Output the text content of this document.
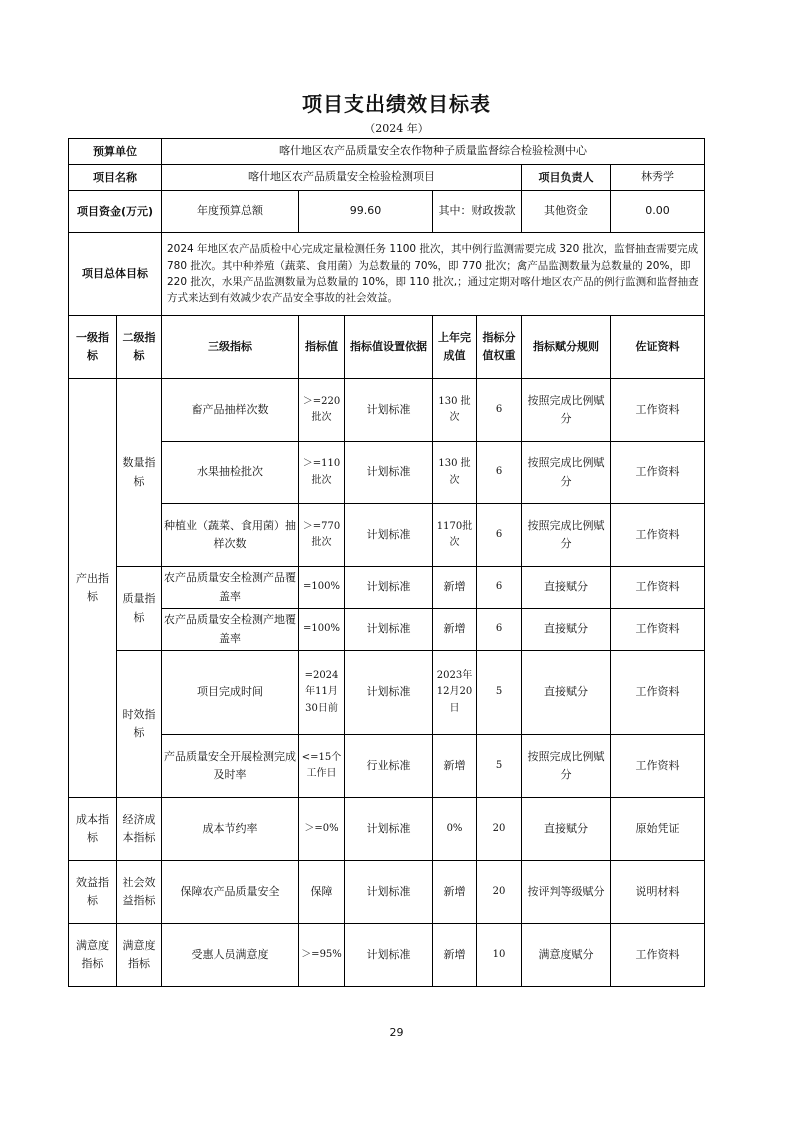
项目支出绩效目标表
（2024 年）
预算单位		喀什地区农产品质量安全农作物种子质量监督综合检验检测中心						
项目名称		喀什地区农产品质量安全检验检测项目					项目负责人	林秀学
项目资金(万元)		年度预算总额	99.60		其中：财政拨款		其他资金	0.00
项目总体目标		2024 年地区农产品质检中心完成定量检测任务 1100 批次，其中例行监测需要完成 320 批次，监督抽查需要完成 780 批次。其中种养殖（蔬菜、食用菌）为总数量的 70%，即 770 批次；禽产品监测数量为总数量的 20%，即 220 批次，水果产品监测数量为总数量的 10%，即 110 批次,；通过定期对喀什地区农产品的例行监测和监督抽查方式来达到有效减少农产品安全事故的社会效益。						
一级指标	二级指标	三级指标	指标值	指标值设置依据	上年完成值	指标分值权重	指标赋分规则	佐证资料
产出指标	数量指标	畜产品抽样次数	＞=220批次	计划标准	130 批次	6	按照完成比例赋分	工作资料
		水果抽检批次	＞=110批次	计划标准	130 批次	6	按照完成比例赋分	工作资料
		种植业（蔬菜、食用菌）抽样次数	＞=770批次	计划标准	1170批次	6	按照完成比例赋分	工作资料
	质量指标	农产品质量安全检测产品覆盖率	=100%	计划标准	新增	6	直接赋分	工作资料
		农产品质量安全检测产地覆盖率	=100%	计划标准	新增	6	直接赋分	工作资料
	时效指标	项目完成时间	=2024年11月30日前	计划标准	2023年12月20日	5	直接赋分	工作资料
		产品质量安全开展检测完成及时率	<=15个工作日	行业标准	新增	5	按照完成比例赋分	工作资料
成本指标	经济成本指标	成本节约率	＞=0%	计划标准	0%	20	直接赋分	原始凭证
效益指标	社会效益指标	保障农产品质量安全	保障	计划标准	新增	20	按评判等级赋分	说明材料
满意度指标	满意度指标	受惠人员满意度	＞=95%	计划标准	新增	10	满意度赋分	工作资料
29
